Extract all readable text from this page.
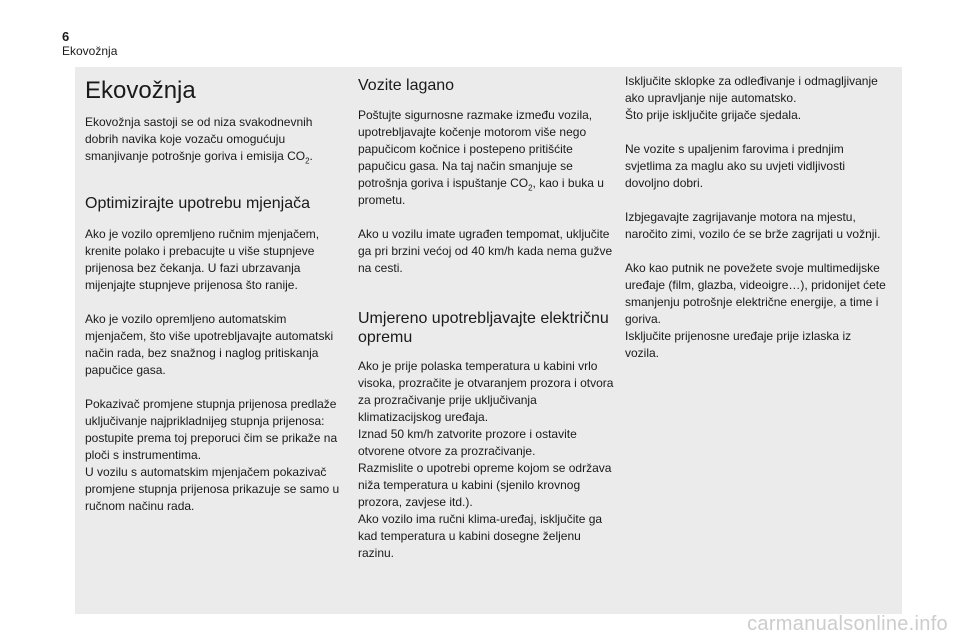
6
Ekovožnja
Ekovožnja

Ekovožnja sastoji se od niza svakodnevnih dobrih navika koje vozaču omogućuju smanjivanje potrošnje goriva i emisija $CO_2$.

Optimizirajte upotrebu mjenjača

Ako je vozilo opremljeno ručnim mjenjačem, krenite polako i prebacujte u više stupnjeve prijenosa bez čekanja. U fazi ubrzavanja mijenjajte stupnjeve prijenosa što ranije.

Ako je vozilo opremljeno automatskim mjenjačem, što više upotrebljavajte automatski način rada, bez snažnog i naglog pritiskanja papučice gasa.

Pokazivač promjene stupnja prijenosa predlaže uključivanje najprikladnijeg stupnja prijenosa: postupite prema toj preporuci čim se prikaže na ploči s instrumentima.

U vozilu s automatskim mjenjačem pokazivač promjene stupnja prijenosa prikazuje se samo u ručnom načinu rada.

Vozite lagano

Poštujte sigurnosne razmake između vozila, upotrebljavajte kočenje motorom više nego papučicom kočnice i postepeno pritišćite papučicu gasa. Na taj način smanjuje se potrošnja goriva i ispuštanje $CO_2$, kao i buka u prometu.

Ako u vozilu imate ugrađen tempomat, uključite ga pri brzini većoj od 40 km/h kada nema gužve na cesti.

Umjereno upotrebljavajte električnu opremu

Ako je prije polaska temperatura u kabini vrlo visoka, prozračite je otvaranjem prozora i otvora za prozračivanje prije uključivanja klimatizacijskog uređaja.

Iznad 50 km/h zatvorite prozore i ostavite otvorene otvore za prozračivanje.

Razmislite o upotrebi opreme kojom se održava niža temperatura u kabini (sjenilo krovnog prozora, zavjese itd.).

Ako vozilo ima ručni klima-uređaj, isključite ga kad temperatura u kabini dosegne željenu razinu.

Isključite sklopke za odleđivanje i odmagljivanje ako upravljanje nije automatsko.

Što prije isključite grijače sjedala.

Ne vozite s upaljenim farovima i prednjim svjetlima za maglu ako su uvjeti vidljivosti dovoljno dobri.

Izbjegavajte zagrijavanje motora na mjestu, naročito zimi, vozilo će se brže zagrijati u vožnji.

Ako kao putnik ne povežete svoje multimedijske uređaje (film, glazba, videoigre…), pridonijet ćete smanjenju potrošnje električne energije, a time i goriva.

Isključite prijenosne uređaje prije izlaska iz vozila.

carmanualsonline.info
